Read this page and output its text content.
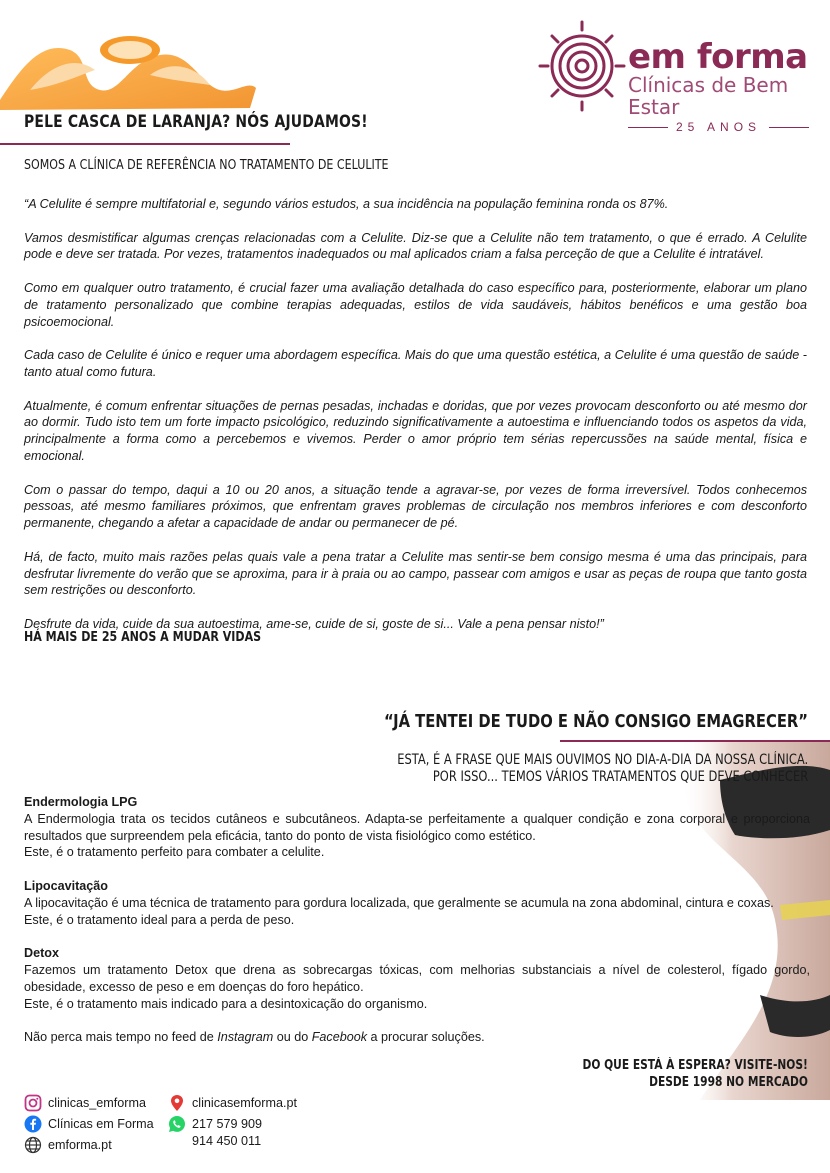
em forma
Clínicas de Bem Estar
25 ANOS
PELE CASCA DE LARANJA? NÓS AJUDAMOS!
SOMOS A CLÍNICA DE REFERÊNCIA NO TRATAMENTO DE CELULITE

“A Celulite é sempre multifatorial e, segundo vários estudos, a sua incidência na população feminina ronda os 87%.

Vamos desmistificar algumas crenças relacionadas com a Celulite. Diz-se que a Celulite não tem tratamento, o que é errado. A Celulite pode e deve ser tratada. Por vezes, tratamentos inadequados ou mal aplicados criam a falsa perceção de que a Celulite é intratável.

Como em qualquer outro tratamento, é crucial fazer uma avaliação detalhada do caso específico para, posteriormente, elaborar um plano de tratamento personalizado que combine terapias adequadas, estilos de vida saudáveis, hábitos benéficos e uma gestão boa psicoemocional.

Cada caso de Celulite é único e requer uma abordagem específica. Mais do que uma questão estética, a Celulite é uma questão de saúde - tanto atual como futura.

Atualmente, é comum enfrentar situações de pernas pesadas, inchadas e doridas, que por vezes provocam desconforto ou até mesmo dor ao dormir. Tudo isto tem um forte impacto psicológico, reduzindo significativamente a autoestima e influenciando todos os aspetos da vida, principalmente a forma como a percebemos e vivemos. Perder o amor próprio tem sérias repercussões na saúde mental, física e emocional.

Com o passar do tempo, daqui a 10 ou 20 anos, a situação tende a agravar-se, por vezes de forma irreversível. Todos conhecemos pessoas, até mesmo familiares próximos, que enfrentam graves problemas de circulação nos membros inferiores e com desconforto permanente, chegando a afetar a capacidade de andar ou permanecer de pé.

Há, de facto, muito mais razões pelas quais vale a pena tratar a Celulite mas sentir-se bem consigo mesma é uma das principais, para desfrutar livremente do verão que se aproxima, para ir à praia ou ao campo, passear com amigos e usar as peças de roupa que tanto gosta sem restrições ou desconforto.

Desfrute da vida, cuide da sua autoestima, ame-se, cuide de si, goste de si... Vale a pena pensar nisto!”

HÁ MAIS DE 25 ANOS A MUDAR VIDAS
“JÁ TENTEI DE TUDO E NÃO CONSIGO EMAGRECER”
ESTA, É A FRASE QUE MAIS OUVIMOS NO DIA-A-DIA DA NOSSA CLÍNICA.
POR ISSO... TEMOS VÁRIOS TRATAMENTOS QUE DEVE CONHECER

Endermologia LPG

A Endermologia trata os tecidos cutâneos e subcutâneos. Adapta-se perfeitamente a qualquer condição e zona corporal e proporciona resultados que surpreendem pela eficácia, tanto do ponto de vista fisiológico como estético.

Este, é o tratamento perfeito para combater a celulite.

Lipocavitação

A lipocavitação é uma técnica de tratamento para gordura localizada, que geralmente se acumula na zona abdominal, cintura e coxas.

Este, é o tratamento ideal para a perda de peso.

Detox

Fazemos um tratamento Detox que drena as sobrecargas tóxicas, com melhorias substanciais a nível de colesterol, fígado gordo, obesidade, excesso de peso e em doenças do foro hepático.

Este, é o tratamento mais indicado para a desintoxicação do organismo.

Não perca mais tempo no feed de Instagram ou do Facebook a procurar soluções.

DO QUE ESTÁ À ESPERA? VISITE-NOS!
DESDE 1998 NO MERCADO
clinicas_emforma
Clínicas em Forma
emforma.pt
clinicasemforma.pt
217 579 909
914 450 011
